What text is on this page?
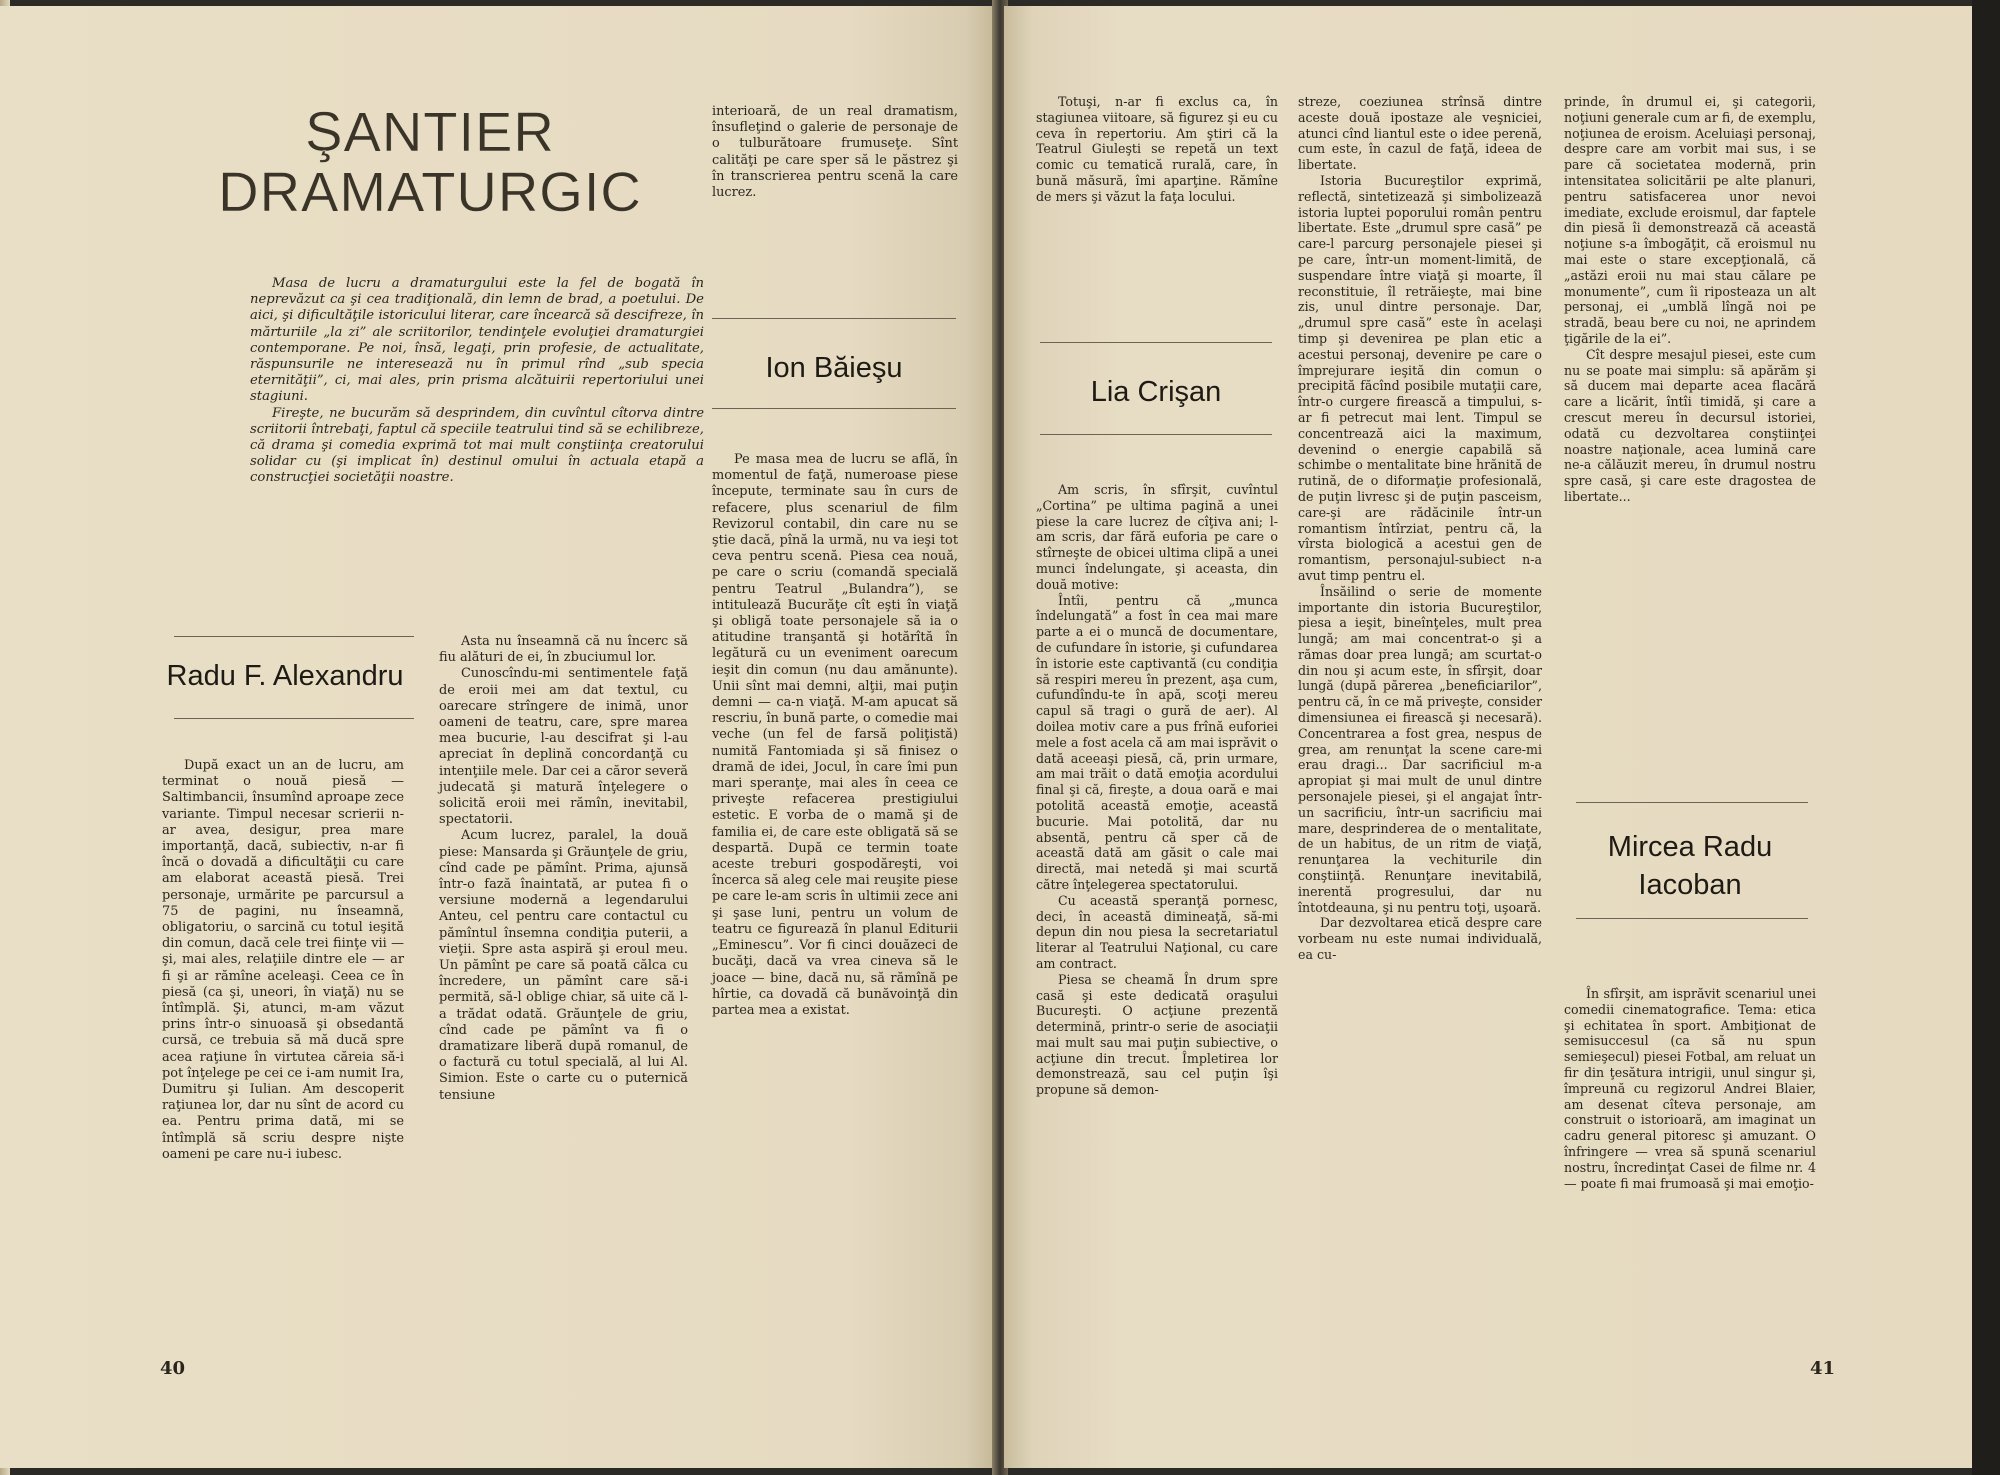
ŞANTIER
DRAMATURGIC

Masa de lucru a dramaturgului este la fel de bogată în neprevăzut ca şi cea tradiţională, din lemn de brad, a poetului. De aici, şi dificultăţile istoricului literar, care încearcă să descifreze, în mărturiile „la zi” ale scriitorilor, tendinţele evoluţiei dramaturgiei contemporane. Pe noi, însă, legaţi, prin profesie, de actualitate, răspunsurile ne interesează nu în primul rînd „sub specia eternităţii”, ci, mai ales, prin prisma alcătuirii repertoriului unei stagiuni.

Fireşte, ne bucurăm să desprindem, din cuvîntul cîtorva dintre scriitorii întrebaţi, faptul că speciile teatrului tind să se echilibreze, că drama şi comedia exprimă tot mai mult conştiinţa creatorului solidar cu (şi implicat în) destinul omului în actuala etapă a construcţiei societăţii noastre.

Radu F. Alexandru

După exact un an de lucru, am terminat o nouă piesă — Saltimbancii, însumînd aproape zece variante. Timpul necesar scrierii n-ar avea, desigur, prea mare importanţă, dacă, subiectiv, n-ar fi încă o dovadă a dificultăţii cu care am elaborat această piesă. Trei personaje, urmărite pe parcursul a 75 de pagini, nu înseamnă, obligatoriu, o sarcină cu totul ieşită din comun, dacă cele trei fiinţe vii — şi, mai ales, relaţiile dintre ele — ar fi şi ar rămîne aceleaşi. Ceea ce în piesă (ca şi, uneori, în viaţă) nu se întîmplă. Şi, atunci, m-am văzut prins într-o sinuoasă şi obsedantă cursă, ce trebuia să mă ducă spre acea raţiune în virtutea căreia să-i pot înţelege pe cei ce i-am numit Ira, Dumitru şi Iulian. Am descoperit raţiunea lor, dar nu sînt de acord cu ea. Pentru prima dată, mi se întîmplă să scriu despre nişte oameni pe care nu-i iubesc.

Asta nu înseamnă că nu încerc să fiu alături de ei, în zbuciumul lor.

Cunoscîndu-mi sentimentele faţă de eroii mei am dat textul, cu oarecare strîngere de inimă, unor oameni de teatru, care, spre marea mea bucurie, l-au descifrat şi l-au apreciat în deplină concordanţă cu intenţiile mele. Dar cei a căror severă judecată şi matură înţelegere o solicită eroii mei rămîn, inevitabil, spectatorii.

Acum lucrez, paralel, la două piese: Mansarda şi Grăunţele de griu, cînd cade pe pămînt. Prima, ajunsă într-o fază înaintată, ar putea fi o versiune modernă a legendarului Anteu, cel pentru care contactul cu pămîntul însemna condiţia puterii, a vieţii. Spre asta aspiră şi eroul meu. Un pămînt pe care să poată călca cu încredere, un pămînt care să-i permită, să-l oblige chiar, să uite că l-a trădat odată. Grăunţele de griu, cînd cade pe pămînt va fi o dramatizare liberă după romanul, de o factură cu totul specială, al lui Al. Simion. Este o carte cu o puternică tensiune

interioară, de un real dramatism, însufleţind o galerie de personaje de o tulburătoare frumuseţe. Sînt calităţi pe care sper să le păstrez şi în transcrierea pentru scenă la care lucrez.

Ion Băieşu

Pe masa mea de lucru se află, în momentul de faţă, numeroase piese începute, terminate sau în curs de refacere, plus scenariul de film Revizorul contabil, din care nu se ştie dacă, pînă la urmă, nu va ieşi tot ceva pentru scenă. Piesa cea nouă, pe care o scriu (comandă specială pentru Teatrul „Bulandra”), se intitulează Bucurăţe cît eşti în viaţă şi obligă toate personajele să ia o atitudine tranşantă şi hotărîtă în legătură cu un eveniment oarecum ieşit din comun (nu dau amănunte). Unii sînt mai demni, alţii, mai puţin demni — ca-n viaţă. M-am apucat să rescriu, în bună parte, o comedie mai veche (un fel de farsă poliţistă) numită Fantomiada şi să finisez o dramă de idei, Jocul, în care îmi pun mari speranţe, mai ales în ceea ce priveşte refacerea prestigiului estetic. E vorba de o mamă şi de familia ei, de care este obligată să se despartă. După ce termin toate aceste treburi gospodăreşti, voi încerca să aleg cele mai reuşite piese pe care le-am scris în ultimii zece ani şi şase luni, pentru un volum de teatru ce figurează în planul Editurii „Eminescu”. Vor fi cinci douăzeci de bucăţi, dacă va vrea cineva să le joace — bine, dacă nu, să rămînă pe hîrtie, ca dovadă că bunăvoinţă din partea mea a existat.

40

Totuşi, n-ar fi exclus ca, în stagiunea viitoare, să figurez şi eu cu ceva în repertoriu. Am ştiri că la Teatrul Giuleşti se repetă un text comic cu tematică rurală, care, în bună măsură, îmi aparţine. Rămîne de mers şi văzut la faţa locului.

Lia Crişan

Am scris, în sfîrşit, cuvîntul „Cortina” pe ultima pagină a unei piese la care lucrez de cîţiva ani; l-am scris, dar fără euforia pe care o stîrneşte de obicei ultima clipă a unei munci îndelungate, şi aceasta, din două motive:

Întîi, pentru că „munca îndelungată” a fost în cea mai mare parte a ei o muncă de documentare, de cufundare în istorie, şi cufundarea în istorie este captivantă (cu condiţia să respiri mereu în prezent, aşa cum, cufundîndu-te în apă, scoţi mereu capul să tragi o gură de aer). Al doilea motiv care a pus frînă euforiei mele a fost acela că am mai isprăvit o dată aceeaşi piesă, că, prin urmare, am mai trăit o dată emoţia acordului final şi că, fireşte, a doua oară e mai potolită această emoţie, această bucurie. Mai potolită, dar nu absentă, pentru că sper că de această dată am găsit o cale mai directă, mai netedă şi mai scurtă către înţelegerea spectatorului.

Cu această speranţă pornesc, deci, în această dimineaţă, să-mi depun din nou piesa la secretariatul literar al Teatrului Naţional, cu care am contract.

Piesa se cheamă În drum spre casă şi este dedicată oraşului Bucureşti. O acţiune prezentă determină, printr-o serie de asociaţii mai mult sau mai puţin subiective, o acţiune din trecut. Împletirea lor demonstrează, sau cel puţin îşi propune să demon-

streze, coeziunea strînsă dintre aceste două ipostaze ale veşniciei, atunci cînd liantul este o idee perenă, cum este, în cazul de faţă, ideea de libertate.

Istoria Bucureştilor exprimă, reflectă, sintetizează şi simbolizează istoria luptei poporului român pentru libertate. Este „drumul spre casă” pe care-l parcurg personajele piesei şi pe care, într-un moment-limită, de suspendare între viaţă şi moarte, îl reconstituie, îl retrăieşte, mai bine zis, unul dintre personaje. Dar, „drumul spre casă” este în acelaşi timp şi devenirea pe plan etic a acestui personaj, devenire pe care o împrejurare ieşită din comun o precipită făcînd posibile mutaţii care, într-o curgere firească a timpului, s-ar fi petrecut mai lent. Timpul se concentrează aici la maximum, devenind o energie capabilă să schimbe o mentalitate bine hrănită de rutină, de o diformaţie profesională, de puţin livresc şi de puţin pasceism, care-şi are rădăcinile într-un romantism întîrziat, pentru că, la vîrsta biologică a acestui gen de romantism, personajul-subiect n-a avut timp pentru el.

Însăilind o serie de momente importante din istoria Bucureştilor, piesa a ieşit, bineînţeles, mult prea lungă; am mai concentrat-o şi a rămas doar prea lungă; am scurtat-o din nou şi acum este, în sfîrşit, doar lungă (după părerea „beneficiarilor”, pentru că, în ce mă priveşte, consider dimensiunea ei firească şi necesară). Concentrarea a fost grea, nespus de grea, am renunţat la scene care-mi erau dragi... Dar sacrificiul m-a apropiat şi mai mult de unul dintre personajele piesei, şi el angajat într-un sacrificiu, într-un sacrificiu mai mare, desprinderea de o mentalitate, de un habitus, de un ritm de viaţă, renunţarea la vechiturile din conştiinţă. Renunţare inevitabilă, inerentă progresului, dar nu întotdeauna, şi nu pentru toţi, uşoară.

Dar dezvoltarea etică despre care vorbeam nu este numai individuală, ea cu-

prinde, în drumul ei, şi categorii, noţiuni generale cum ar fi, de exemplu, noţiunea de eroism. Aceluiaşi personaj, despre care am vorbit mai sus, i se pare că societatea modernă, prin intensitatea solicitării pe alte planuri, pentru satisfacerea unor nevoi imediate, exclude eroismul, dar faptele din piesă îi demonstrează că această noţiune s-a îmbogăţit, că eroismul nu mai este o stare excepţională, că „astăzi eroii nu mai stau călare pe monumente”, cum îi riposteaza un alt personaj, ei „umblă lîngă noi pe stradă, beau bere cu noi, ne aprindem ţigările de la ei”.

Cît despre mesajul piesei, este cum nu se poate mai simplu: să apărăm şi să ducem mai departe acea flacără care a licărit, întîi timidă, şi care a crescut mereu în decursul istoriei, odată cu dezvoltarea conştiinţei noastre naţionale, acea lumină care ne-a călăuzit mereu, în drumul nostru spre casă, şi care este dragostea de libertate...

Mircea Radu
Iacoban

În sfîrşit, am isprăvit scenariul unei comedii cinematografice. Tema: etica şi echitatea în sport. Ambiţionat de semisuccesul (ca să nu spun semieşecul) piesei Fotbal, am reluat un fir din ţesătura intrigii, unul singur şi, împreună cu regizorul Andrei Blaier, am desenat cîteva personaje, am construit o istorioară, am imaginat un cadru general pitoresc şi amuzant. O înfringere — vrea să spună scenariul nostru, încredinţat Casei de filme nr. 4 — poate fi mai frumoasă şi mai emoţio-

41
